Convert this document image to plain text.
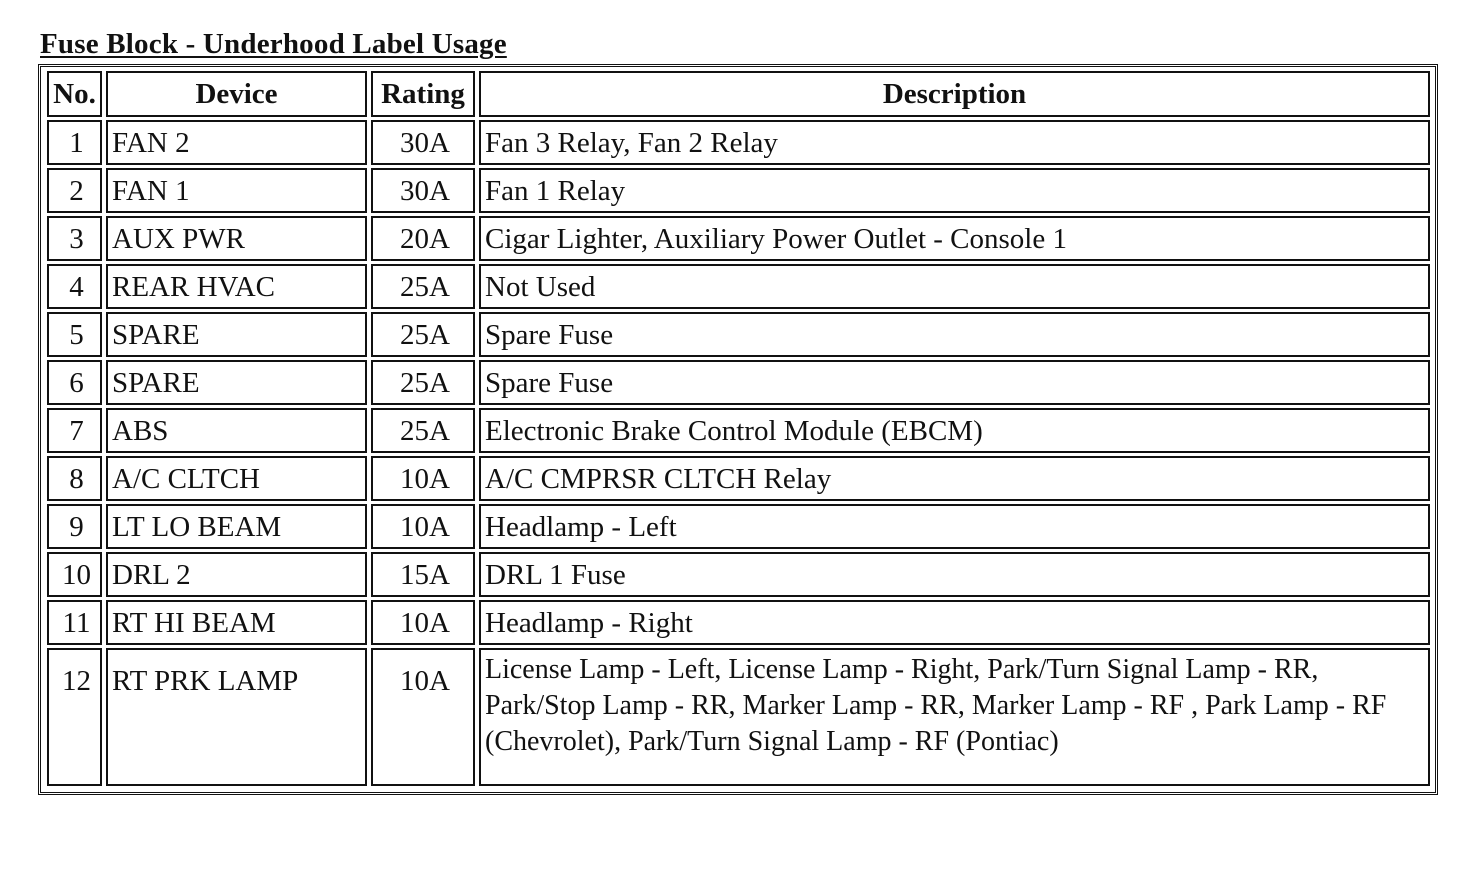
Fuse Block - Underhood Label Usage
No.	Device	Rating	Description
1	FAN 2	30A	Fan 3 Relay, Fan 2 Relay
2	FAN 1	30A	Fan 1 Relay
3	AUX PWR	20A	Cigar Lighter, Auxiliary Power Outlet - Console 1
4	REAR HVAC	25A	Not Used
5	SPARE	25A	Spare Fuse
6	SPARE	25A	Spare Fuse
7	ABS	25A	Electronic Brake Control Module (EBCM)
8	A/C CLTCH	10A	A/C CMPRSR CLTCH Relay
9	LT LO BEAM	10A	Headlamp - Left
10	DRL 2	15A	DRL 1 Fuse
11	RT HI BEAM	10A	Headlamp - Right
12	RT PRK LAMP	10A	License Lamp - Left, License Lamp - Right, Park/Turn Signal Lamp - RR, Park/Stop Lamp - RR, Marker Lamp - RR, Marker Lamp - RF , Park Lamp - RF (Chevrolet), Park/Turn Signal Lamp - RF (Pontiac)
